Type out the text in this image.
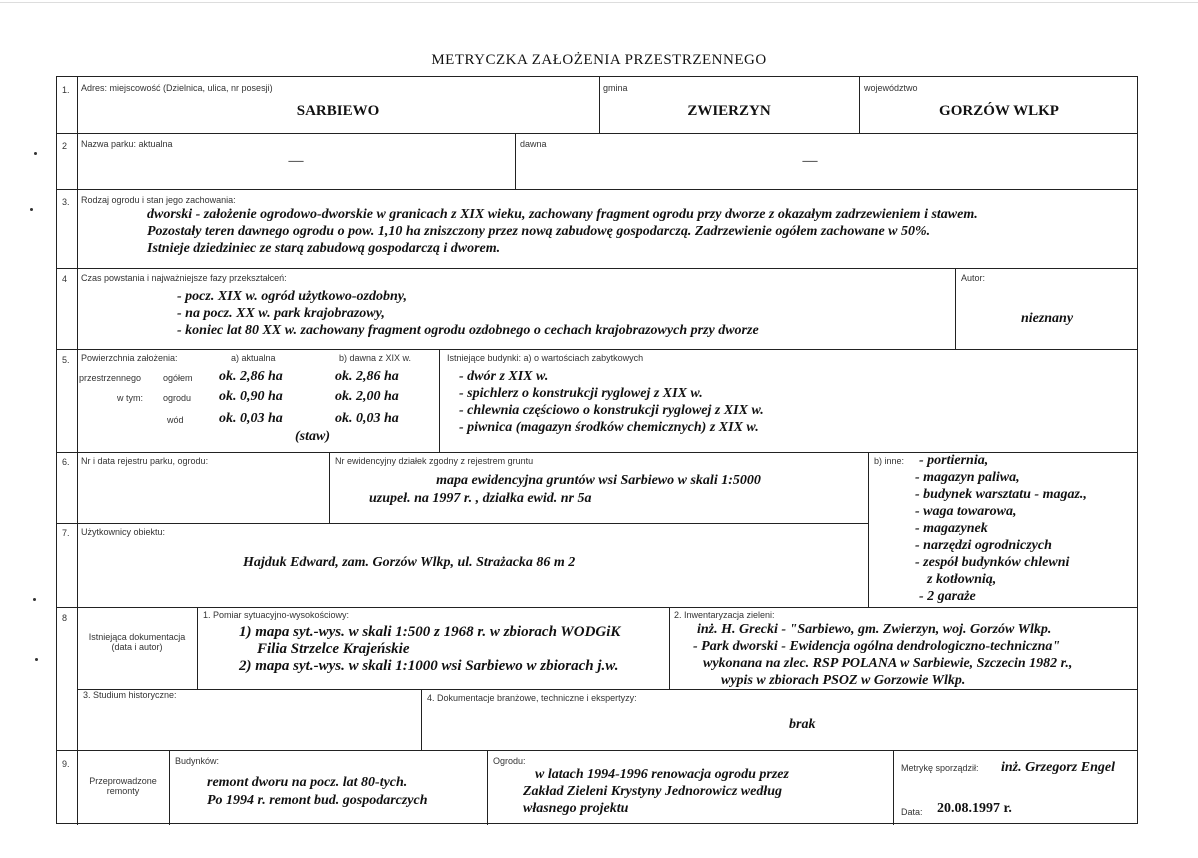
METRYCZKA ZAŁOŻENIA PRZESTRZENNEGO
1. Adres: miejscowość (Dzielnica, ulica, nr posesji)
SARBIEWO
gmina
ZWIERZYN
województwo
GORZÓW WLKP
2 Nazwa parku: aktualna
—
dawna
—
3. Rodzaj ogrodu i stan jego zachowania:
dworski - założenie ogrodowo-dworskie w granicach z XIX wieku, zachowany fragment ogrodu przy dworze z okazałym zadrzewieniem i stawem.
Pozostały teren dawnego ogrodu o pow. 1,10 ha zniszczony przez nową zabudowę gospodarczą. Zadrzewienie ogółem zachowane w 50%.
Istnieje dziedziniec ze starą zabudową gospodarczą i dworem.
4 Czas powstania i najważniejsze fazy przekształceń:
- pocz. XIX w. ogród użytkowo-ozdobny,
- na pocz. XX w. park krajobrazowy,
- koniec lat 80 XX w. zachowany fragment ogrodu ozdobnego o cechach krajobrazowych przy dworze
Autor:
nieznany
5. Powierzchnia założenia:	a) aktualna	b) dawna z XIX w.
przestrzennego
w tym:
ogółem ok. 2,86 ha	ok. 2,86 ha
ogrodu ok. 0,90 ha	ok. 2,00 ha
wód	ok. 0,03 ha	ok. 0,03 ha
(staw)
Istniejące budynki: a) o wartościach zabytkowych
- dwór z XIX w.
- spichlerz o konstrukcji ryglowej z XIX w.
- chlewnia częściowo o konstrukcji ryglowej z XIX w.
- piwnica (magazyn środków chemicznych) z XIX w.
6. Nr i data rejestru parku, ogrodu:	Nr ewidencyjny działek zgodny z rejestrem gruntu
mapa ewidencyjna gruntów wsi Sarbiewo w skali 1:5000
uzupeł. na 1997 r. , działka ewid. nr 5a
b) inne: - portiernia,
- magazyn paliwa,
- budynek warsztatu - magaz.,
- waga towarowa,
- magazynek
- narzędzi ogrodniczych
- zespół budynków chlewni
z kotłownią,
- 2 garaże
7. Użytkownicy obiektu:
Hajduk Edward, zam. Gorzów Wlkp, ul. Strażacka 86 m 2
8
Istniejąca dokumentacja
(data i autor)
1. Pomiar sytuacyjno-wysokościowy:
1) mapa syt.-wys. w skali 1:500 z 1968 r. w zbiorach WODGiK
Filia Strzelce Krajeńskie
2) mapa syt.-wys. w skali 1:1000 wsi Sarbiewo w zbiorach j.w.
2. Inwentaryzacja zieleni:
inż. H. Grecki - "Sarbiewo, gm. Zwierzyn, woj. Gorzów Wlkp.
- Park dworski - Ewidencja ogólna dendrologiczno-techniczna"
wykonana na zlec. RSP POLANA w Sarbiewie, Szczecin 1982 r.,
wypis w zbiorach PSOZ w Gorzowie Wlkp.
3. Studium historyczne:	4. Dokumentacje branżowe, techniczne i ekspertyzy:
brak
9.
Przeprowadzone
remonty
Budynków:
remont dworu na pocz. lat 80-tych.
Po 1994 r. remont bud. gospodarczych
Ogrodu:
w latach 1994-1996 renowacja ogrodu przez
Zakład Zieleni Krystyny Jednorowicz według
własnego projektu
Metrykę sporządził: inż. Grzegorz Engel
Data: 20.08.1997 r.
